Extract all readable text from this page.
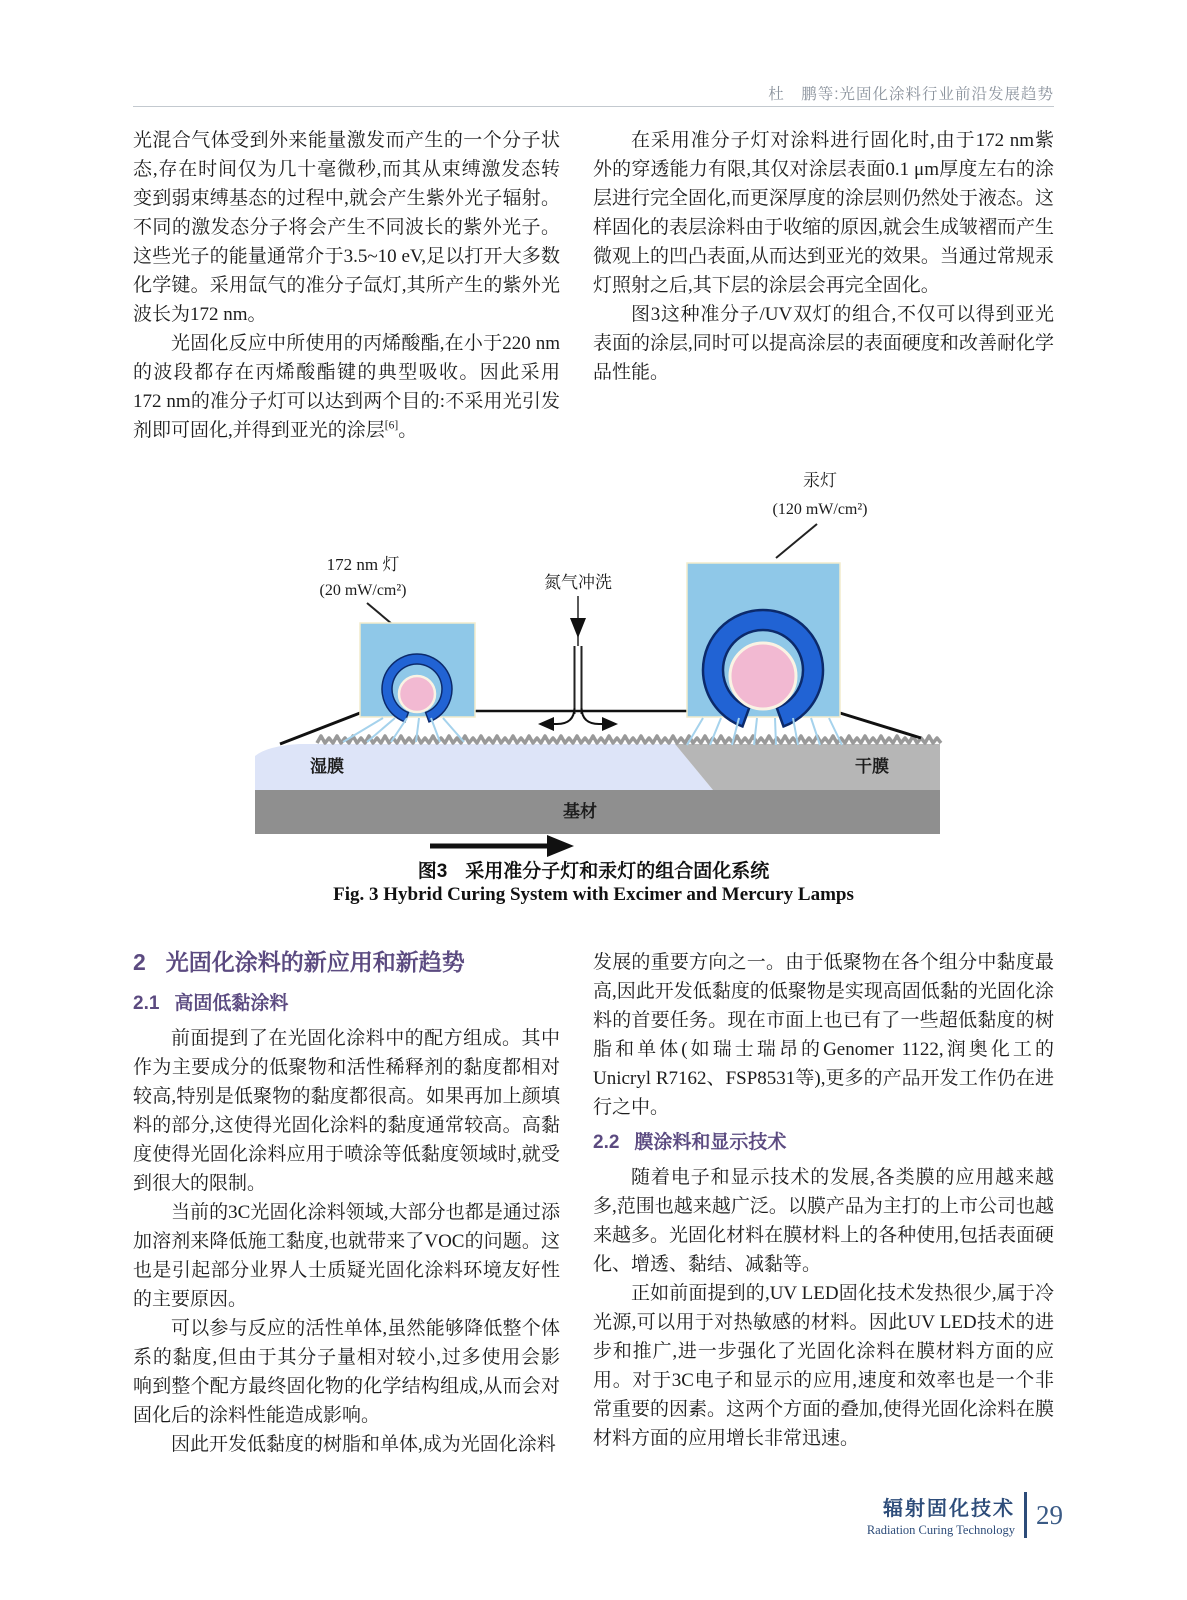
杜　鹏等:光固化涂料行业前沿发展趋势

光混合气体受到外来能量激发而产生的一个分子状态,存在时间仅为几十毫微秒,而其从束缚激发态转变到弱束缚基态的过程中,就会产生紫外光子辐射。不同的激发态分子将会产生不同波长的紫外光子。这些光子的能量通常介于3.5~10 eV,足以打开大多数化学键。采用氙气的准分子氙灯,其所产生的紫外光波长为172 nm。

光固化反应中所使用的丙烯酸酯,在小于220 nm的波段都存在丙烯酸酯键的典型吸收。因此采用172 nm的准分子灯可以达到两个目的:不采用光引发剂即可固化,并得到亚光的涂层[6]。

在采用准分子灯对涂料进行固化时,由于172 nm紫外的穿透能力有限,其仅对涂层表面0.1 μm厚度左右的涂层进行完全固化,而更深厚度的涂层则仍然处于液态。这样固化的表层涂料由于收缩的原因,就会生成皱褶而产生微观上的凹凸表面,从而达到亚光的效果。当通过常规汞灯照射之后,其下层的涂层会再完全固化。

图3这种准分子/UV双灯的组合,不仅可以得到亚光表面的涂层,同时可以提高涂层的表面硬度和改善耐化学品性能。

湿膜	干膜
基材
172 nm 灯
(20 mW/cm²)	氮气冲洗
汞灯
(120 mW/cm²)
图3 采用准分子灯和汞灯的组合固化系统
Fig. 3 Hybrid Curing System with Excimer and Mercury Lamps
2 光固化涂料的新应用和新趋势
2.1 高固低黏涂料

前面提到了在光固化涂料中的配方组成。其中作为主要成分的低聚物和活性稀释剂的黏度都相对较高,特别是低聚物的黏度都很高。如果再加上颜填料的部分,这使得光固化涂料的黏度通常较高。高黏度使得光固化涂料应用于喷涂等低黏度领域时,就受到很大的限制。

当前的3C光固化涂料领域,大部分也都是通过添加溶剂来降低施工黏度,也就带来了VOC的问题。这也是引起部分业界人士质疑光固化涂料环境友好性的主要原因。

可以参与反应的活性单体,虽然能够降低整个体系的黏度,但由于其分子量相对较小,过多使用会影响到整个配方最终固化物的化学结构组成,从而会对固化后的涂料性能造成影响。

因此开发低黏度的树脂和单体,成为光固化涂料

发展的重要方向之一。由于低聚物在各个组分中黏度最高,因此开发低黏度的低聚物是实现高固低黏的光固化涂料的首要任务。现在市面上也已有了一些超低黏度的树脂和单体(如瑞士瑞昂的Genomer 1122,润奥化工的Unicryl R7162、FSP8531等),更多的产品开发工作仍在进行之中。

2.2 膜涂料和显示技术

随着电子和显示技术的发展,各类膜的应用越来越多,范围也越来越广泛。以膜产品为主打的上市公司也越来越多。光固化材料在膜材料上的各种使用,包括表面硬化、增透、黏结、减黏等。

正如前面提到的,UV LED固化技术发热很少,属于冷光源,可以用于对热敏感的材料。因此UV LED技术的进步和推广,进一步强化了光固化涂料在膜材料方面的应用。对于3C电子和显示的应用,速度和效率也是一个非常重要的因素。这两个方面的叠加,使得光固化涂料在膜材料方面的应用增长非常迅速。

辐射固化技术
Radiation Curing Technology
29
